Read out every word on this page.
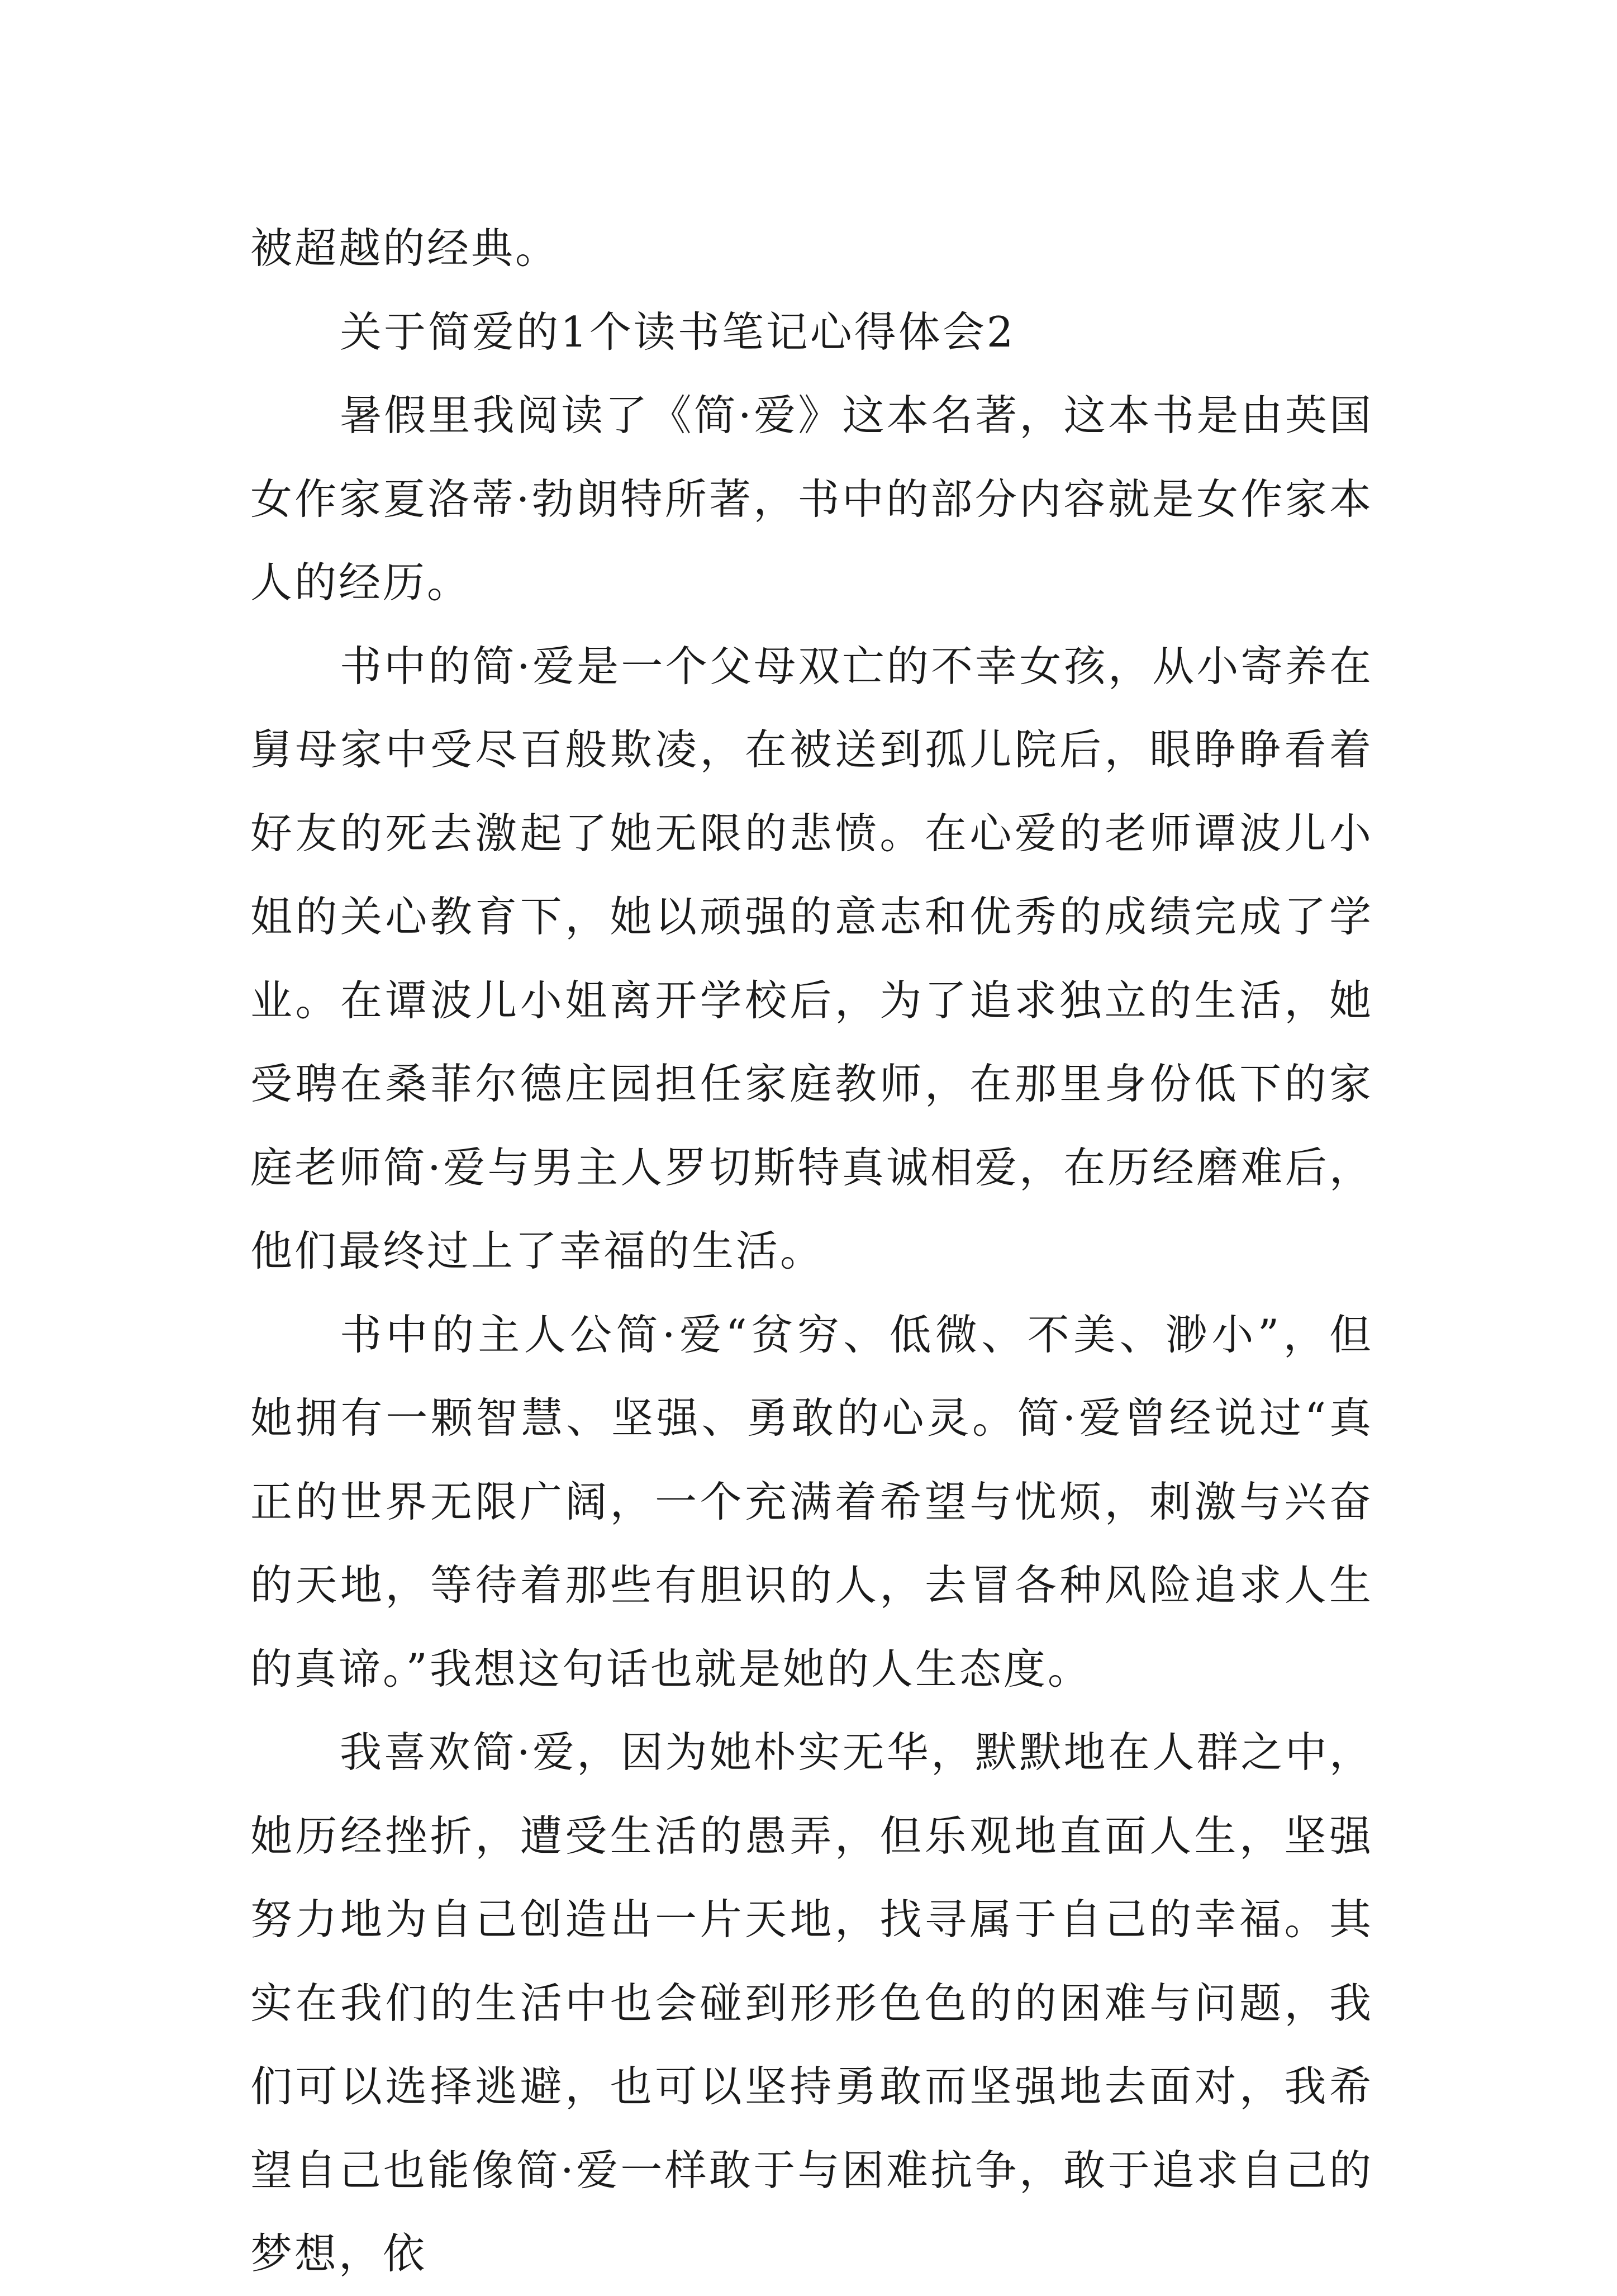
被超越的经典。

关于简爱的1个读书笔记心得体会2

暑假里我阅读了《简·爱》这本名著，这本书是由英国女作家夏洛蒂·勃朗特所著，书中的部分内容就是女作家本人的经历。

书中的简·爱是一个父母双亡的不幸女孩，从小寄养在舅母家中受尽百般欺凌，在被送到孤儿院后，眼睁睁看着好友的死去激起了她无限的悲愤。在心爱的老师谭波儿小姐的关心教育下，她以顽强的意志和优秀的成绩完成了学业。在谭波儿小姐离开学校后，为了追求独立的生活，她受聘在桑菲尔德庄园担任家庭教师，在那里身份低下的家庭老师简·爱与男主人罗切斯特真诚相爱，在历经磨难后，他们最终过上了幸福的生活。

书中的主人公简·爱“贫穷、低微、不美、渺小”，但她拥有一颗智慧、坚强、勇敢的心灵。简·爱曾经说过“真正的世界无限广阔，一个充满着希望与忧烦，刺激与兴奋的天地，等待着那些有胆识的人，去冒各种风险追求人生的真谛。”我想这句话也就是她的人生态度。

我喜欢简·爱，因为她朴实无华，默默地在人群之中，她历经挫折，遭受生活的愚弄，但乐观地直面人生，坚强努力地为自己创造出一片天地，找寻属于自己的幸福。其实在我们的生活中也会碰到形形色色的的困难与问题，我们可以选择逃避，也可以坚持勇敢而坚强地去面对，我希望自己也能像简·爱一样敢于与困难抗争，敢于追求自己的梦想，依
